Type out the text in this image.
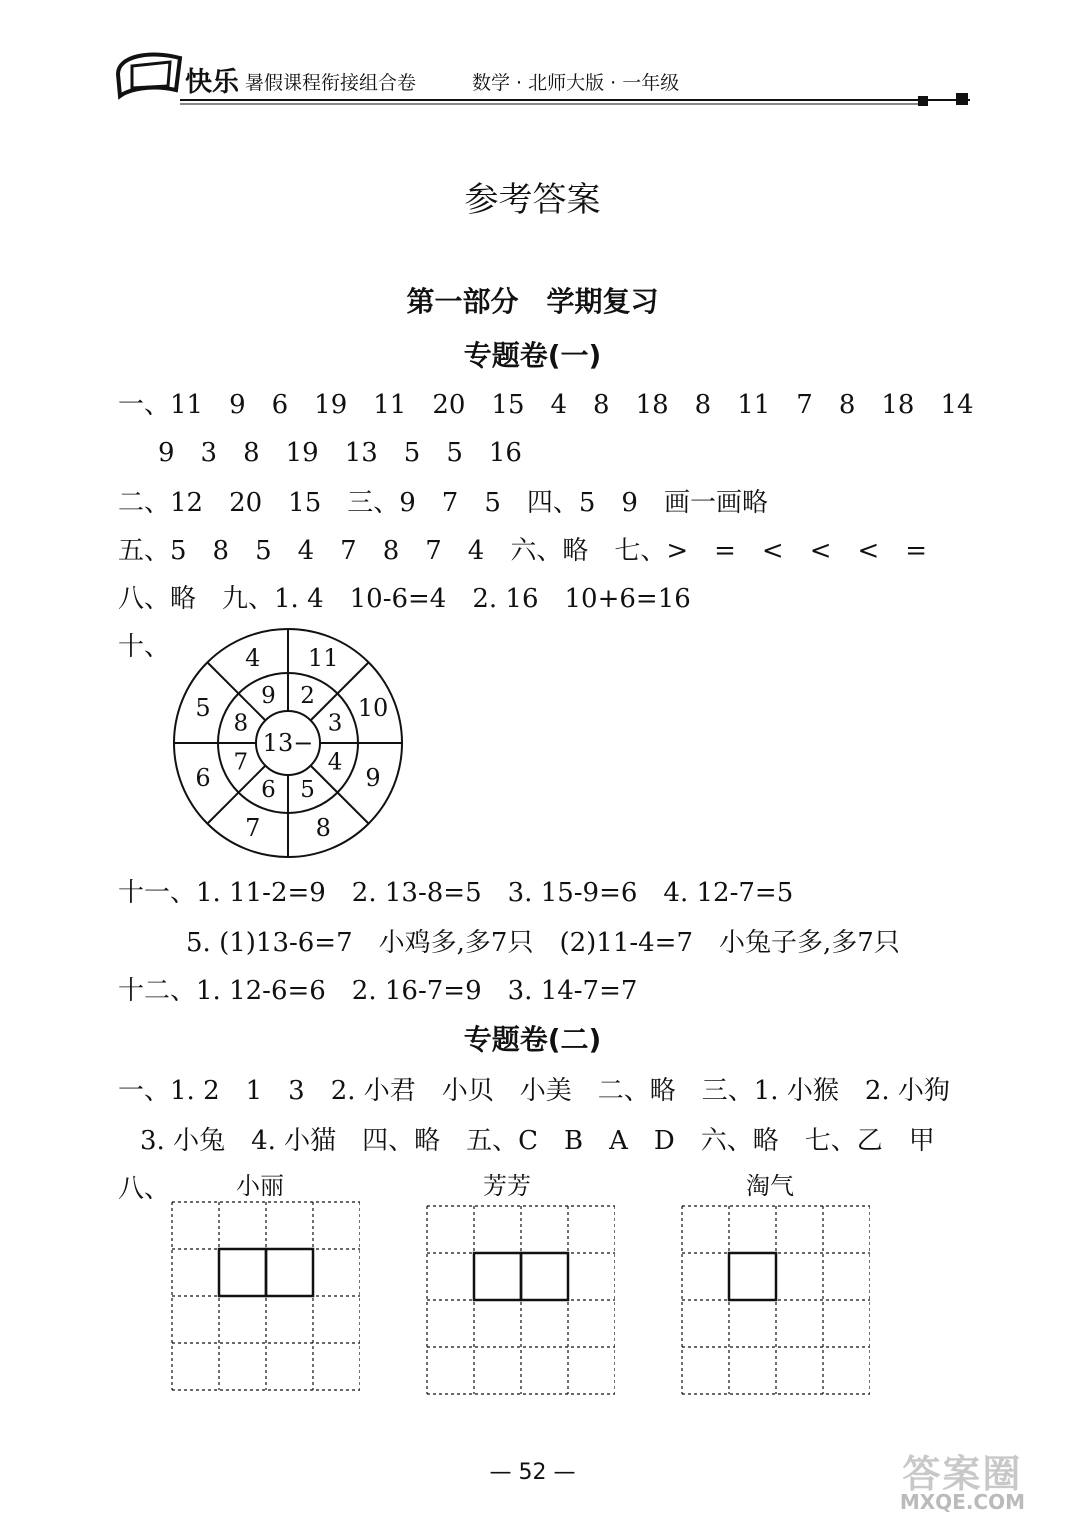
快乐 暑假课程衔接组合卷	数学 · 北师大版 · 一年级
参考答案
第一部分　学期复习
专题卷(一)
一、11　9　6　19　11　20　15　4　8　18　8　11　7　8　18　14
9　3　8　19　13　5　5　16
二、12　20　15　三、9　7　5　四、5　9　画一画略
五、5　8　5　4　7　8　7　4　六、略　七、>　=　<　<　<　=
八、略　九、1. 4　10-6=4　2. 16　10+6=16
十、	11
10
9
8
7
6
5
4
2
3
4
5
6
7
8
9
13−
十一、1. 11-2=9　2. 13-8=5　3. 15-9=6　4. 12-7=5
5. (1)13-6=7　小鸡多,多7只　(2)11-4=7　小兔子多,多7只
十二、1. 12-6=6　2. 16-7=9　3. 14-7=7
专题卷(二)
一、1. 2　1　3　2. 小君　小贝　小美　二、略　三、1. 小猴　2. 小狗
3. 小兔　4. 小猫　四、略　五、C　B　A　D　六、略　七、乙　甲
八、	小丽	芳芳	淘气
— 52 —	答案圈
MXQE.COM
